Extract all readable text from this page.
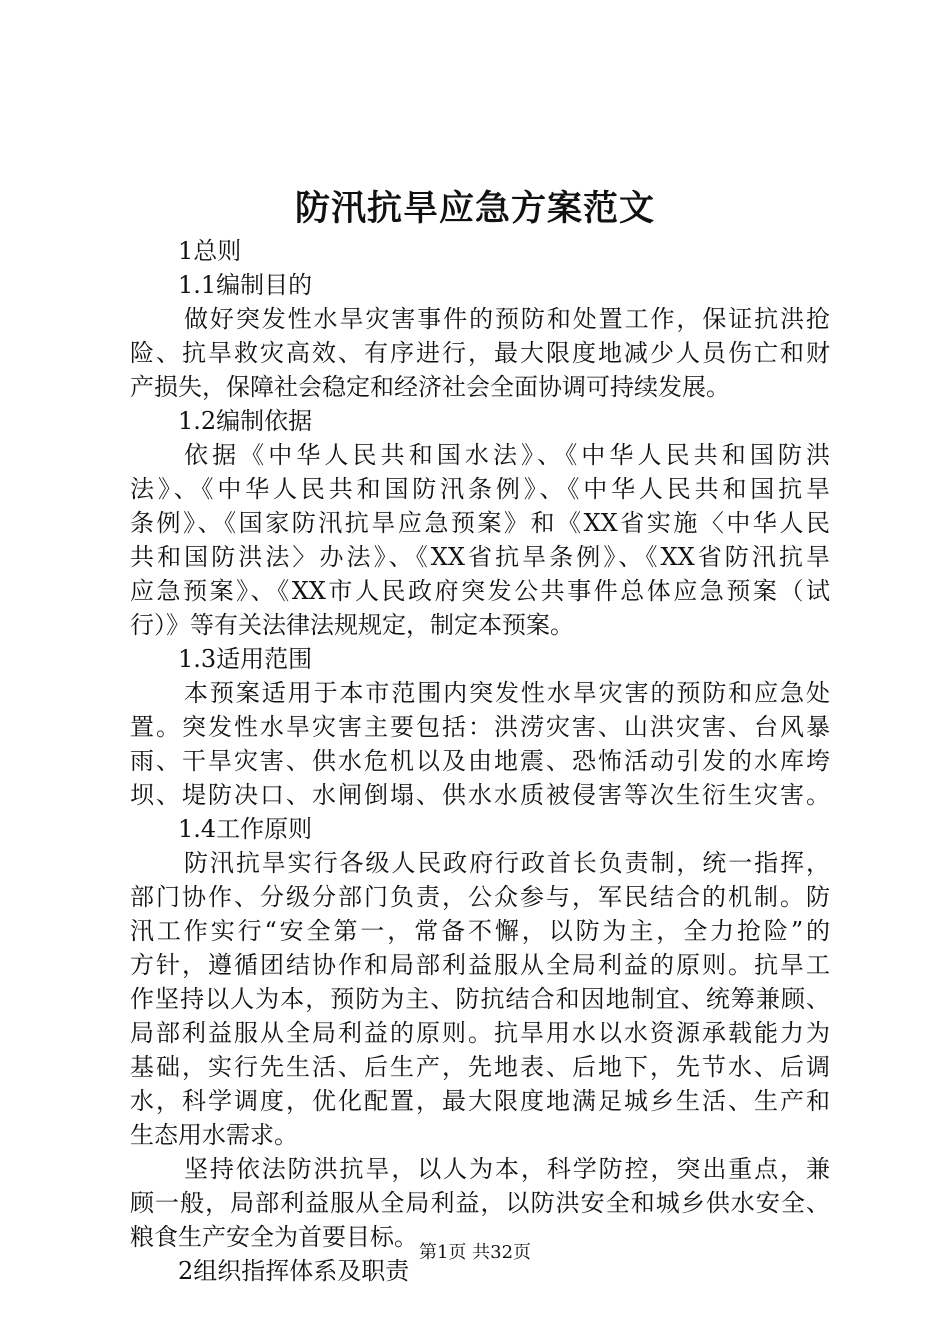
防汛抗旱应急方案范文
1总则
1.1编制目的
做好突发性水旱灾害事件的预防和处置工作，保证抗洪抢
险、抗旱救灾高效、有序进行，最大限度地减少人员伤亡和财
产损失，保障社会稳定和经济社会全面协调可持续发展。
1.2编制依据
依据《中华人民共和国水法》、《中华人民共和国防洪
法》、《中华人民共和国防汛条例》、《中华人民共和国抗旱
条例》、《国家防汛抗旱应急预案》和《XX省实施〈中华人民
共和国防洪法〉办法》、《XX省抗旱条例》、《XX省防汛抗旱
应急预案》、《XX市人民政府突发公共事件总体应急预案（试
行）》等有关法律法规规定，制定本预案。
1.3适用范围
本预案适用于本市范围内突发性水旱灾害的预防和应急处
置。突发性水旱灾害主要包括：洪涝灾害、山洪灾害、台风暴
雨、干旱灾害、供水危机以及由地震、恐怖活动引发的水库垮
坝、堤防决口、水闸倒塌、供水水质被侵害等次生衍生灾害。
1.4工作原则
防汛抗旱实行各级人民政府行政首长负责制，统一指挥，
部门协作、分级分部门负责，公众参与，军民结合的机制。防
汛工作实行“安全第一，常备不懈，以防为主，全力抢险”的
方针，遵循团结协作和局部利益服从全局利益的原则。抗旱工
作坚持以人为本，预防为主、防抗结合和因地制宜、统筹兼顾、
局部利益服从全局利益的原则。抗旱用水以水资源承载能力为
基础，实行先生活、后生产，先地表、后地下，先节水、后调
水，科学调度，优化配置，最大限度地满足城乡生活、生产和
生态用水需求。
坚持依法防洪抗旱，以人为本，科学防控，突出重点，兼
顾一般，局部利益服从全局利益，以防洪安全和城乡供水安全、
粮食生产安全为首要目标。
2组织指挥体系及职责
第1页 共32页
